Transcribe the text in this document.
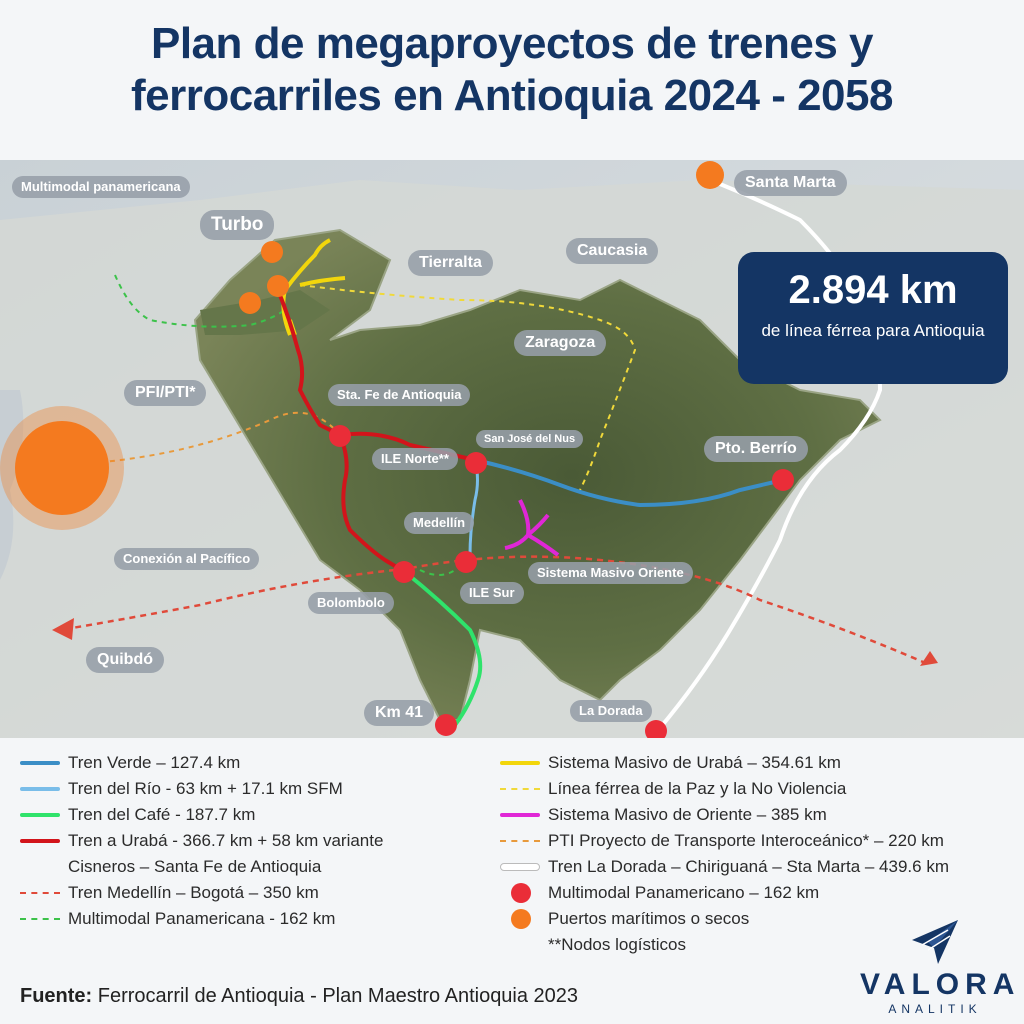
Plan de megaproyectos de trenes y
ferrocarriles en Antioquia 2024 - 2058
Multimodal panamericana
Turbo
Tierralta
Caucasia
Santa Marta
Zaragoza
PFI/PTI*	Sta. Fe de Antioquia
San José del Nus
ILE Norte**
Pto. Berrío
Medellín
Conexión al Pacífico
Sistema Masivo Oriente
Bolombolo
ILE Sur
Quibdó
Km 41	La Dorada
2.894 km
de línea férrea para Antioquia
Tren Verde – 127.4 km
Tren del Río - 63 km + 17.1 km SFM
Tren del Café - 187.7 km
Tren a Urabá - 366.7 km + 58 km variante
Cisneros – Santa Fe de Antioquia
Tren Medellín – Bogotá – 350 km
Multimodal Panamericana - 162 km
Sistema Masivo de Urabá – 354.61 km
Línea férrea de la Paz y la No Violencia
Sistema Masivo de Oriente – 385 km
PTI Proyecto de Transporte Interoceánico* – 220 km
Tren La Dorada – Chiriguaná – Sta Marta – 439.6 km
Multimodal Panamericano – 162 km
Puertos marítimos o secos
**Nodos logísticos
Fuente: Ferrocarril de Antioquia - Plan Maestro Antioquia 2023	VALORA
ANALITIK
